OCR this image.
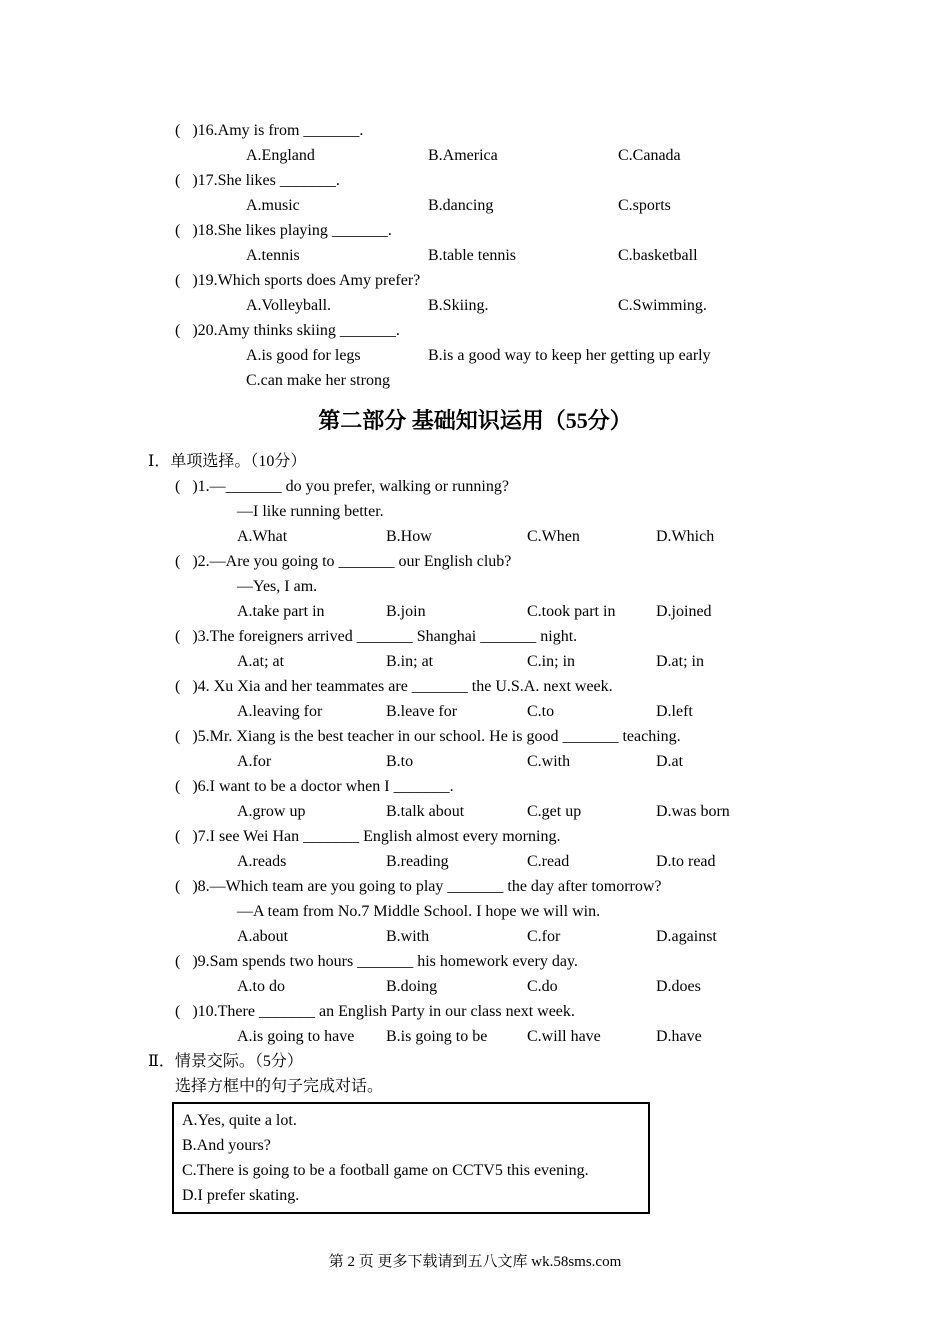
(   )16.Amy is from _______.
A.England	B.America	C.Canada
(   )17.She likes _______.
A.music	B.dancing	C.sports
(   )18.She likes playing _______.
A.tennis	B.table tennis	C.basketball
(   )19.Which sports does Amy prefer?
A.Volleyball.	B.Skiing.	C.Swimming.
(   )20.Amy thinks skiing _______.
A.is good for legs	B.is a good way to keep her getting up early
C.can make her strong
第二部分 基础知识运用（55分）
Ⅰ．单项选择。（10分）
(   )1.—_______ do you prefer, walking or running?
—I like running better.
A.What	B.How	C.When	D.Which
(   )2.—Are you going to _______ our English club?
—Yes, I am.
A.take part in	B.join	C.took part in	D.joined
(   )3.The foreigners arrived _______ Shanghai _______ night.
A.at; at	B.in; at	C.in; in	D.at; in
(   )4. Xu Xia and her teammates are _______ the U.S.A. next week.
A.leaving for	B.leave for	C.to	D.left
(   )5.Mr. Xiang is the best teacher in our school. He is good _______ teaching.
A.for	B.to	C.with	D.at
(   )6.I want to be a doctor when I _______.
A.grow up	B.talk about	C.get up	D.was born
(   )7.I see Wei Han _______ English almost every morning.
A.reads	B.reading	C.read	D.to read
(   )8.—Which team are you going to play _______ the day after tomorrow?
—A team from No.7 Middle School. I hope we will win.
A.about	B.with	C.for	D.against
(   )9.Sam spends two hours _______ his homework every day.
A.to do	B.doing	C.do	D.does
(   )10.There _______ an English Party in our class next week.
A.is going to have	B.is going to be	C.will have	D.have
Ⅱ．情景交际。（5分）
选择方框中的句子完成对话。
A.Yes, quite a lot.
B.And yours?
C.There is going to be a football game on CCTV5 this evening.
D.I prefer skating.
第 2 页 更多下载请到五八文库 wk.58sms.com
